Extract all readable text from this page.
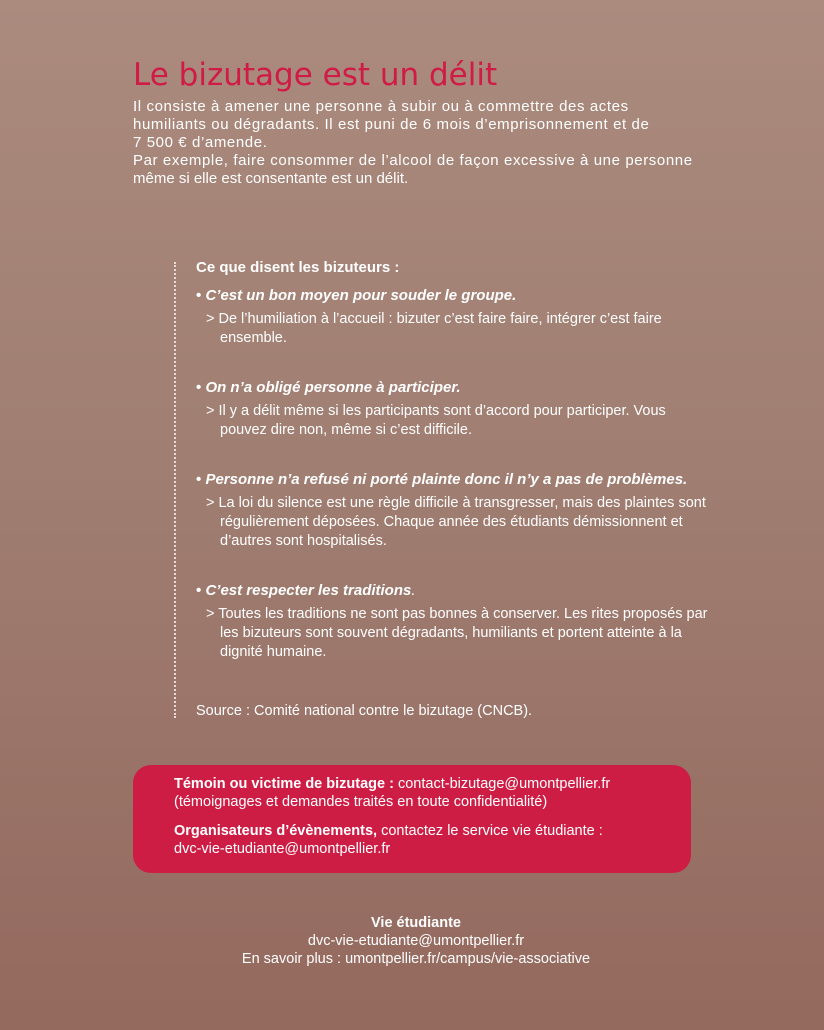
Le bizutage est un délit

Il consiste à amener une personne à subir ou à commettre des actes

humiliants ou dégradants. Il est puni de 6 mois d’emprisonnement et de

7 500 € d’amende.

Par exemple, faire consommer de l’alcool de façon excessive à une personne

même si elle est consentante est un délit.

Ce que disent les bizuteurs :

• C’est un bon moyen pour souder le groupe.

> De l’humiliation à l’accueil : bizuter c’est faire faire, intégrer c’est faire ensemble.

• On n’a obligé personne à participer.

> Il y a délit même si les participants sont d’accord pour participer. Vous pouvez dire non, même si c’est difficile.

• Personne n’a refusé ni porté plainte donc il n’y a pas de problèmes.

> La loi du silence est une règle difficile à transgresser, mais des plaintes sont régulièrement déposées. Chaque année des étudiants démissionnent et d’autres sont hospitalisés.

• C’est respecter les traditions.

> Toutes les traditions ne sont pas bonnes à conserver. Les rites proposés par les bizuteurs sont souvent dégradants, humiliants et portent atteinte à la dignité humaine.

Source : Comité national contre le bizutage (CNCB).

Témoin ou victime de bizutage : contact-bizutage@umontpellier.fr

(témoignages et demandes traités en toute confidentialité)

Organisateurs d’évènements, contactez le service vie étudiante :

dvc-vie-etudiante@umontpellier.fr

Vie étudiante

dvc-vie-etudiante@umontpellier.fr

En savoir plus : umontpellier.fr/campus/vie-associative
